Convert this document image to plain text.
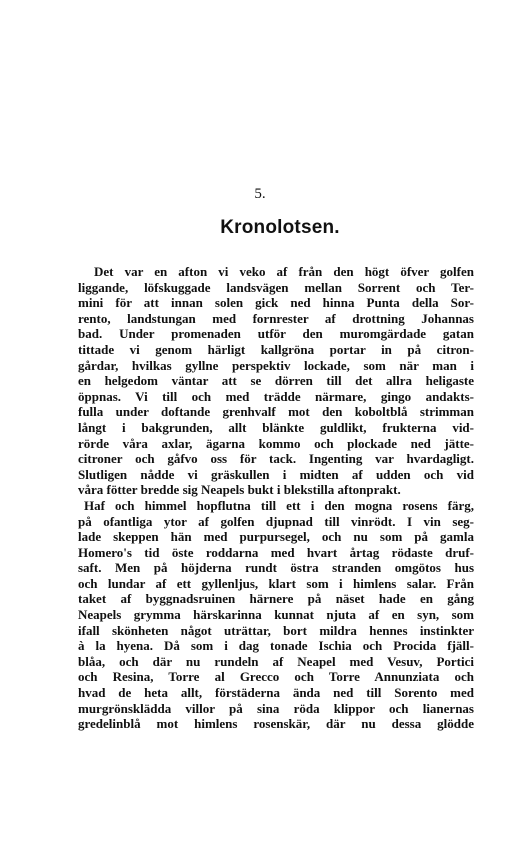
5.
Kronolotsen.
Det var en afton vi veko af från den högt öfver golfen
liggande, löfskuggade landsvägen mellan Sorrent och Ter-
mini för att innan solen gick ned hinna Punta della Sor-
rento, landstungan med fornrester af drottning Johannas
bad. Under promenaden utför den muromgärdade gatan
tittade vi genom härligt kallgröna portar in på citron-
gårdar, hvilkas gyllne perspektiv lockade, som när man i
en helgedom väntar att se dörren till det allra heligaste
öppnas. Vi till och med trädde närmare, gingo andakts-
fulla under doftande grenhvalf mot den koboltblå strimman
långt i bakgrunden, allt blänkte guldlikt, frukterna vid-
rörde våra axlar, ägarna kommo och plockade ned jätte-
citroner och gåfvo oss för tack. Ingenting var hvardagligt.
Slutligen nådde vi gräskullen i midten af udden och vid
våra fötter bredde sig Neapels bukt i blekstilla aftonprakt.
Haf och himmel hopflutna till ett i den mogna rosens färg,
på ofantliga ytor af golfen djupnad till vinrödt. I vin seg-
lade skeppen hän med purpursegel, och nu som på gamla
Homero's tid öste roddarna med hvart årtag rödaste druf-
saft. Men på höjderna rundt östra stranden omgötos hus
och lundar af ett gyllenljus, klart som i himlens salar. Från
taket af byggnadsruinen härnere på näset hade en gång
Neapels grymma härskarinna kunnat njuta af en syn, som
ifall skönheten något uträttar, bort mildra hennes instinkter
à la hyena. Då som i dag tonade Ischia och Procida fjäll-
blåa, och där nu rundeln af Neapel med Vesuv, Portici
och Resina, Torre al Grecco och Torre Annunziata och
hvad de heta allt, förstäderna ända ned till Sorento med
murgrönsklädda villor på sina röda klippor och lianernas
gredelinblå mot himlens rosenskär, där nu dessa glödde
